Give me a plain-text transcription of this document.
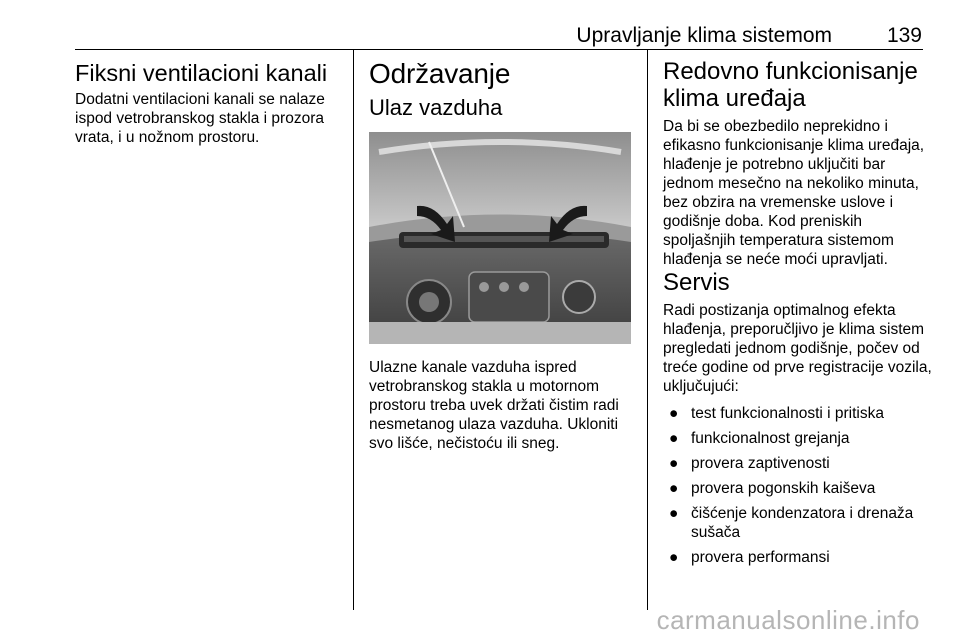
Upravljanje klima sistemom	139
Fiksni ventilacioni kanali

Dodatni ventilacioni kanali se nalaze ispod vetrobranskog stakla i prozora vrata, i u nožnom prostoru.

Održavanje
Ulaz vazduha

Ulazne kanale vazduha ispred vetrobranskog stakla u motornom prostoru treba uvek držati čistim radi nesmetanog ulaza vazduha. Ukloniti svo lišće, nečistoću ili sneg.

Redovno funkcionisanje klima uređaja

Da bi se obezbedilo neprekidno i efikasno funkcionisanje klima uređaja, hlađenje je potrebno uključiti bar jednom mesečno na nekoliko minuta, bez obzira na vremenske uslove i godišnje doba. Kod preniskih spoljašnjih temperatura sistemom hlađenja se neće moći upravljati.

Servis

Radi postizanja optimalnog efekta hlađenja, preporučljivo je klima sistem pregledati jednom godišnje, počev od treće godine od prve registracije vozila, uključujući:

● test funkcionalnosti i pritiska
● funkcionalnost grejanja
● provera zaptivenosti
● provera pogonskih kaiševa
● čišćenje kondenzatora i drenaža sušača
● provera performansi
carmanualsonline.info
